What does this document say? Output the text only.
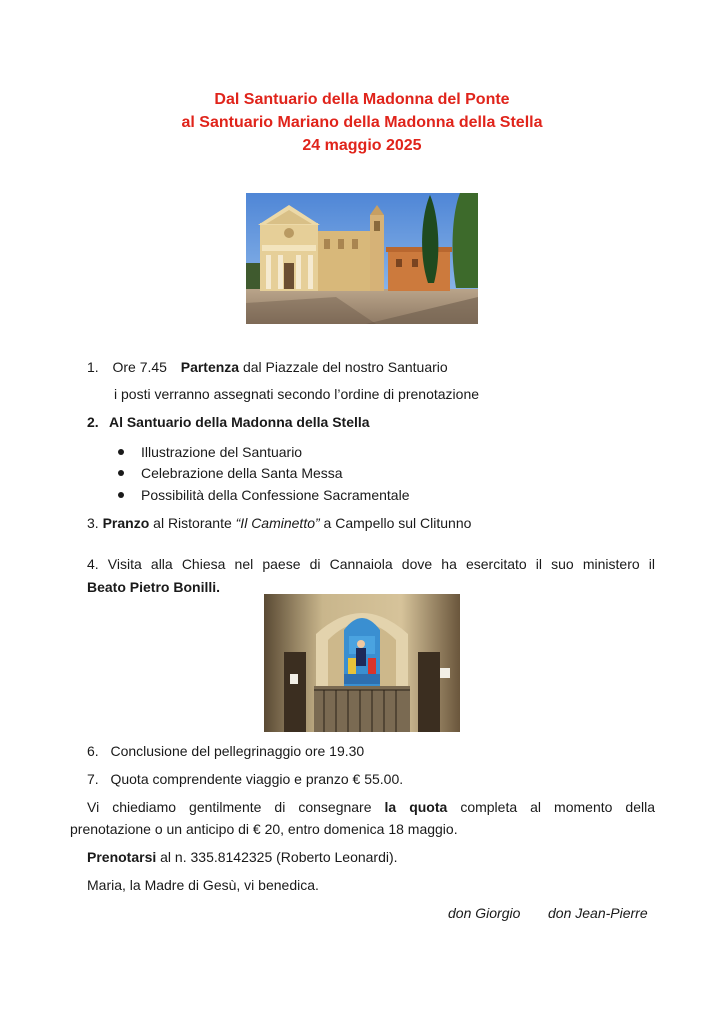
Dal Santuario della Madonna del Ponte
al Santuario Mariano della Madonna della Stella
24 maggio 2025
1. Ore 7.45 Partenza dal Piazzale del nostro Santuario
i posti verranno assegnati secondo l’ordine di prenotazione
2. Al Santuario della Madonna della Stella
Illustrazione del Santuario
Celebrazione della Santa Messa
Possibilità della Confessione Sacramentale
3. Pranzo al Ristorante “Il Caminetto” a Campello sul Clitunno
4. Visita alla Chiesa nel paese di Cannaiola dove ha esercitato il suo ministero il
Beato Pietro Bonilli.
6. Conclusione del pellegrinaggio ore 19.30
7. Quota comprendente viaggio e pranzo € 55.00.
Vi chiediamo gentilmente di consegnare la quota completa al momento della
prenotazione o un anticipo di € 20, entro domenica 18 maggio.
Prenotarsi al n. 335.8142325 (Roberto Leonardi).
Maria, la Madre di Gesù, vi benedica.
don Giorgio don Jean-Pierre
